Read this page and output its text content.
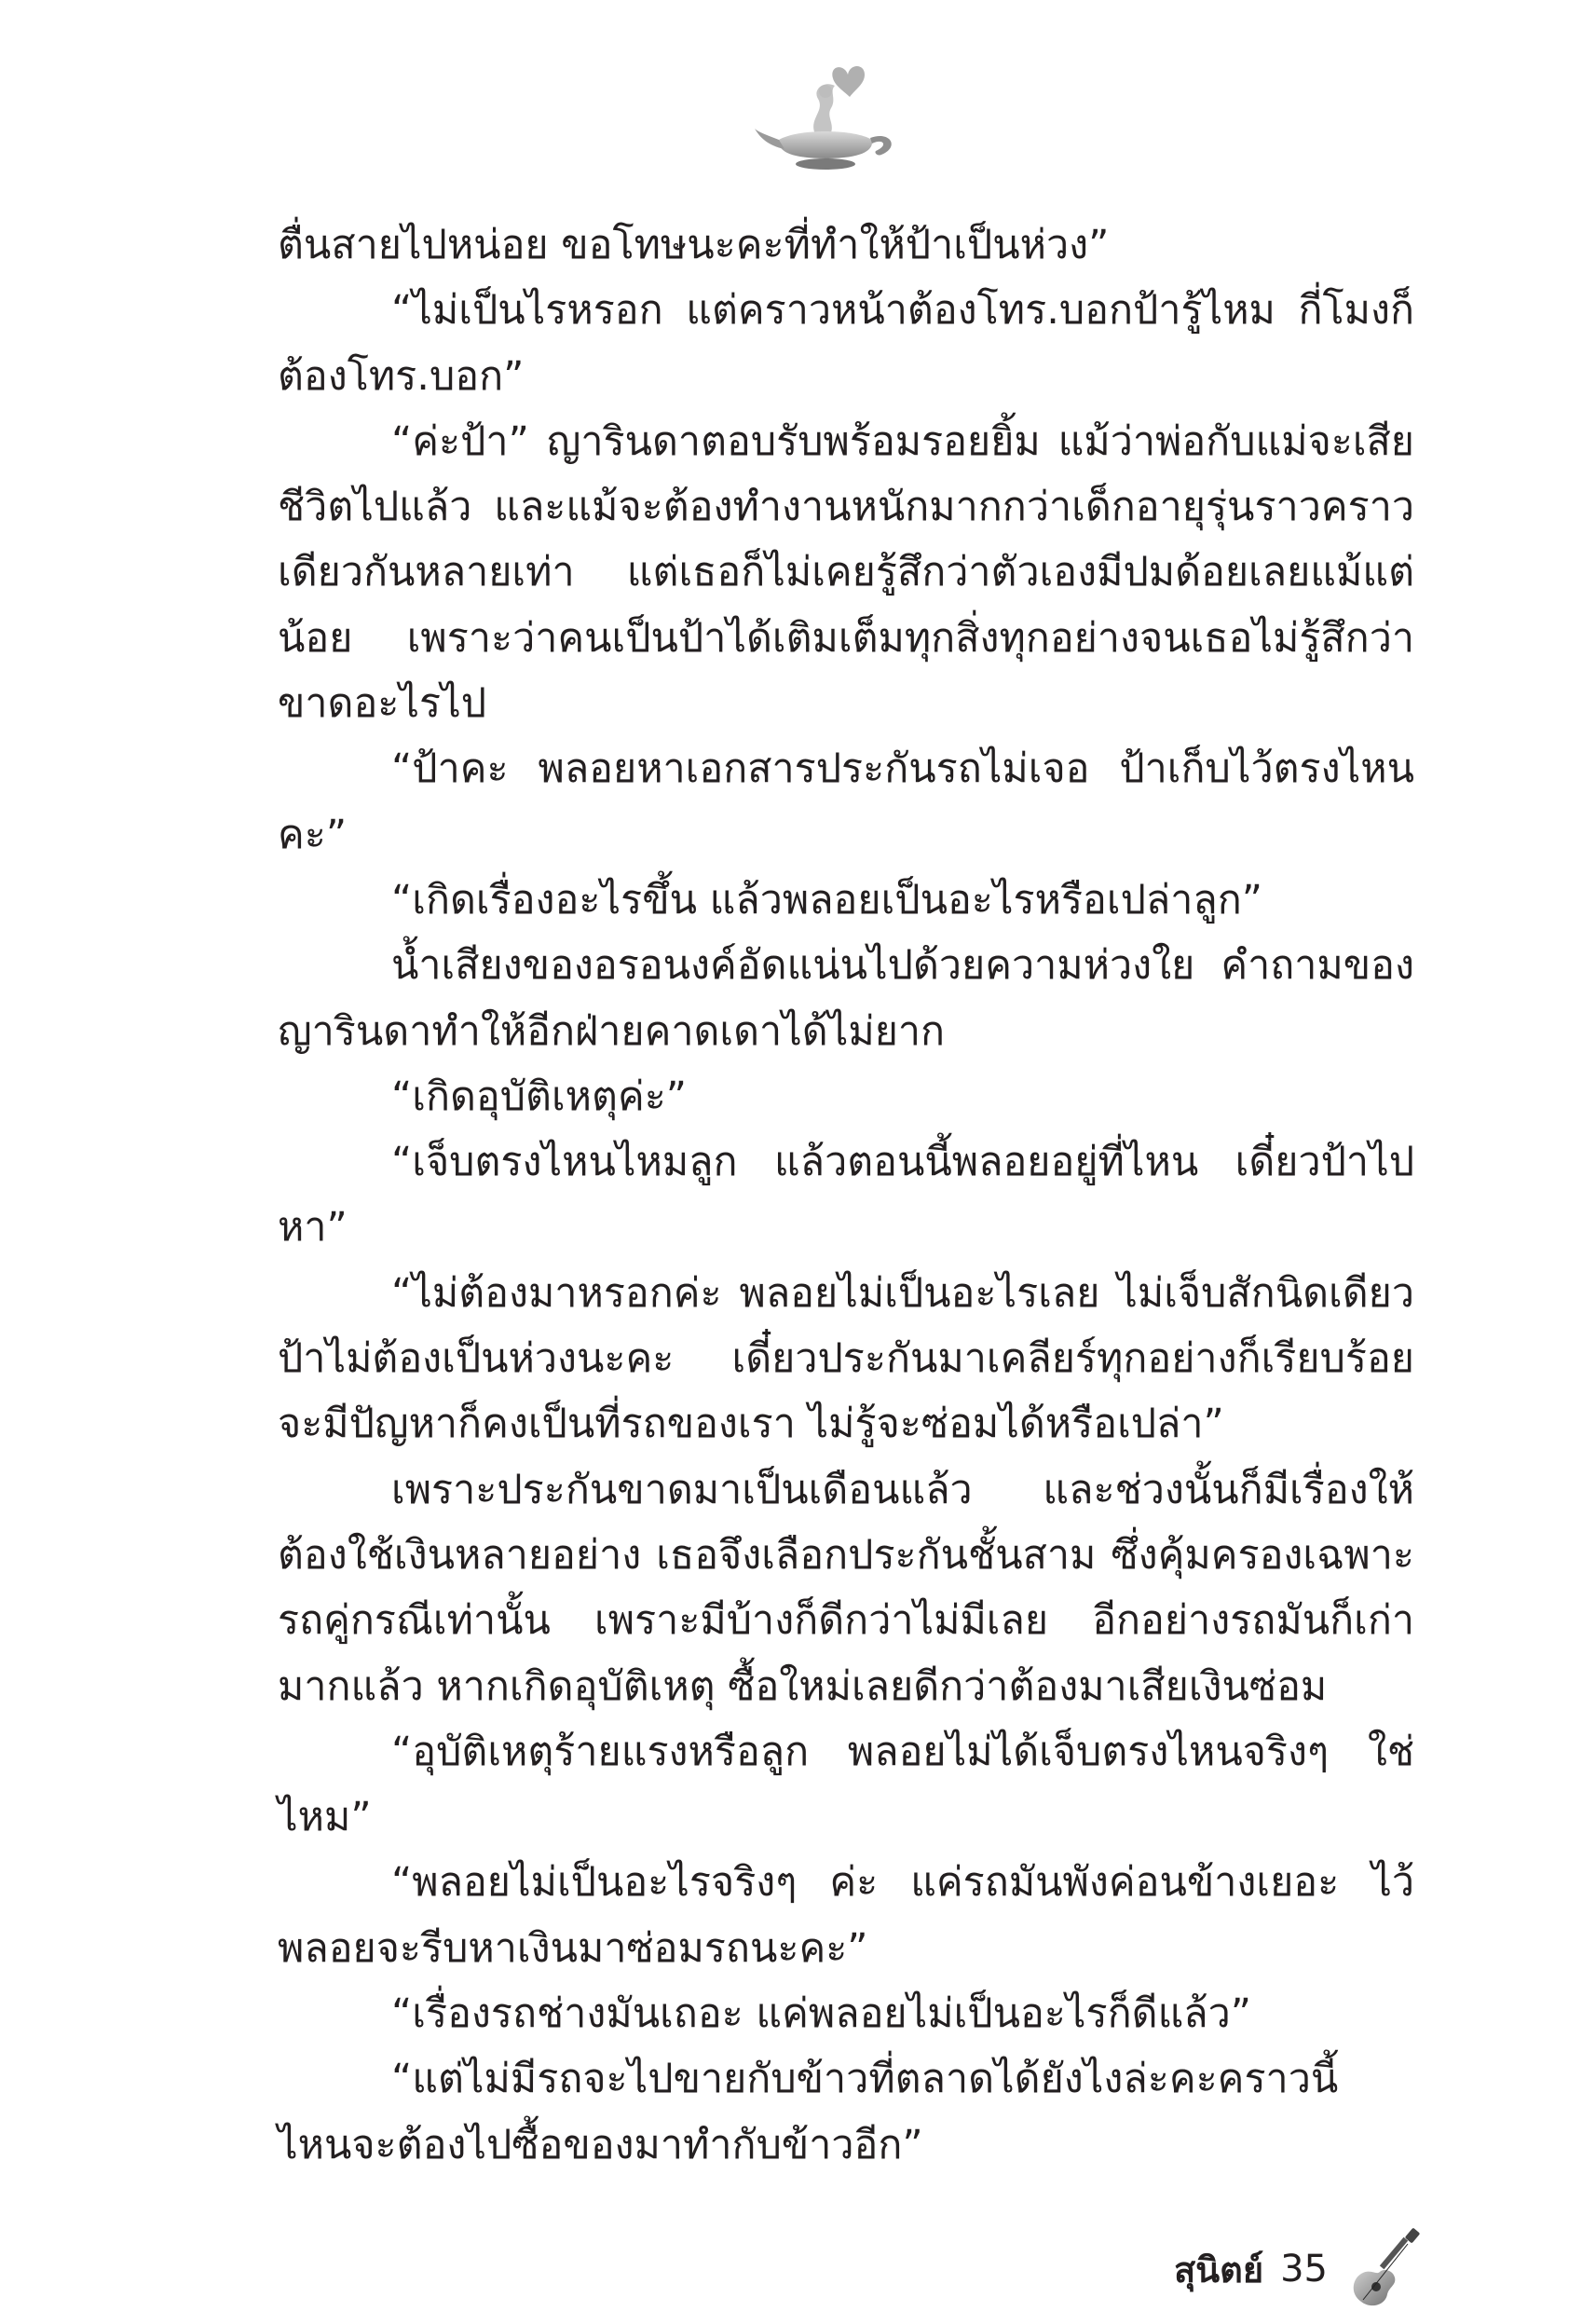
ตื่นสายไปหน่อย ขอโทษนะคะที่ทำให้ป้าเป็นห่วง”

“ไม่เป็นไรหรอก แต่คราวหน้าต้องโทร.บอกป้ารู้ไหม กี่โมงก็ต้องโทร.บอก”

“ค่ะป้า” ญารินดาตอบรับพร้อมรอยยิ้ม แม้ว่าพ่อกับแม่จะเสียชีวิตไปแล้ว และแม้จะต้องทำงานหนักมากกว่าเด็กอายุรุ่นราวคราวเดียวกันหลายเท่า แต่เธอก็ไม่เคยรู้สึกว่าตัวเองมีปมด้อยเลยแม้แต่น้อย เพราะว่าคนเป็นป้าได้เติมเต็มทุกสิ่งทุกอย่างจนเธอไม่รู้สึกว่าขาดอะไรไป

“ป้าคะ พลอยหาเอกสารประกันรถไม่เจอ ป้าเก็บไว้ตรงไหนคะ”

“เกิดเรื่องอะไรขึ้น แล้วพลอยเป็นอะไรหรือเปล่าลูก”

น้ำเสียงของอรอนงค์อัดแน่นไปด้วยความห่วงใย คำถามของญารินดาทำให้อีกฝ่ายคาดเดาได้ไม่ยาก

“เกิดอุบัติเหตุค่ะ”

“เจ็บตรงไหนไหมลูก แล้วตอนนี้พลอยอยู่ที่ไหน เดี๋ยวป้าไปหา”

“ไม่ต้องมาหรอกค่ะ พลอยไม่เป็นอะไรเลย ไม่เจ็บสักนิดเดียว ป้าไม่ต้องเป็นห่วงนะคะ เดี๋ยวประกันมาเคลียร์ทุกอย่างก็เรียบร้อย จะมีปัญหาก็คงเป็นที่รถของเรา ไม่รู้จะซ่อมได้หรือเปล่า”

เพราะประกันขาดมาเป็นเดือนแล้ว และช่วงนั้นก็มีเรื่องให้ต้องใช้เงินหลายอย่าง เธอจึงเลือกประกันชั้นสาม ซึ่งคุ้มครองเฉพาะรถคู่กรณีเท่านั้น เพราะมีบ้างก็ดีกว่าไม่มีเลย อีกอย่างรถมันก็เก่ามากแล้ว หากเกิดอุบัติเหตุ ซื้อใหม่เลยดีกว่าต้องมาเสียเงินซ่อม

“อุบัติเหตุร้ายแรงหรือลูก พลอยไม่ได้เจ็บตรงไหนจริงๆ ใช่ไหม”

“พลอยไม่เป็นอะไรจริงๆ ค่ะ แค่รถมันพังค่อนข้างเยอะ ไว้พลอยจะรีบหาเงินมาซ่อมรถนะคะ”

“เรื่องรถช่างมันเถอะ แค่พลอยไม่เป็นอะไรก็ดีแล้ว”

“แต่ไม่มีรถจะไปขายกับข้าวที่ตลาดได้ยังไงล่ะคะคราวนี้ ไหนจะต้องไปซื้อของมาทำกับข้าวอีก”

สุนิตย์ 35
